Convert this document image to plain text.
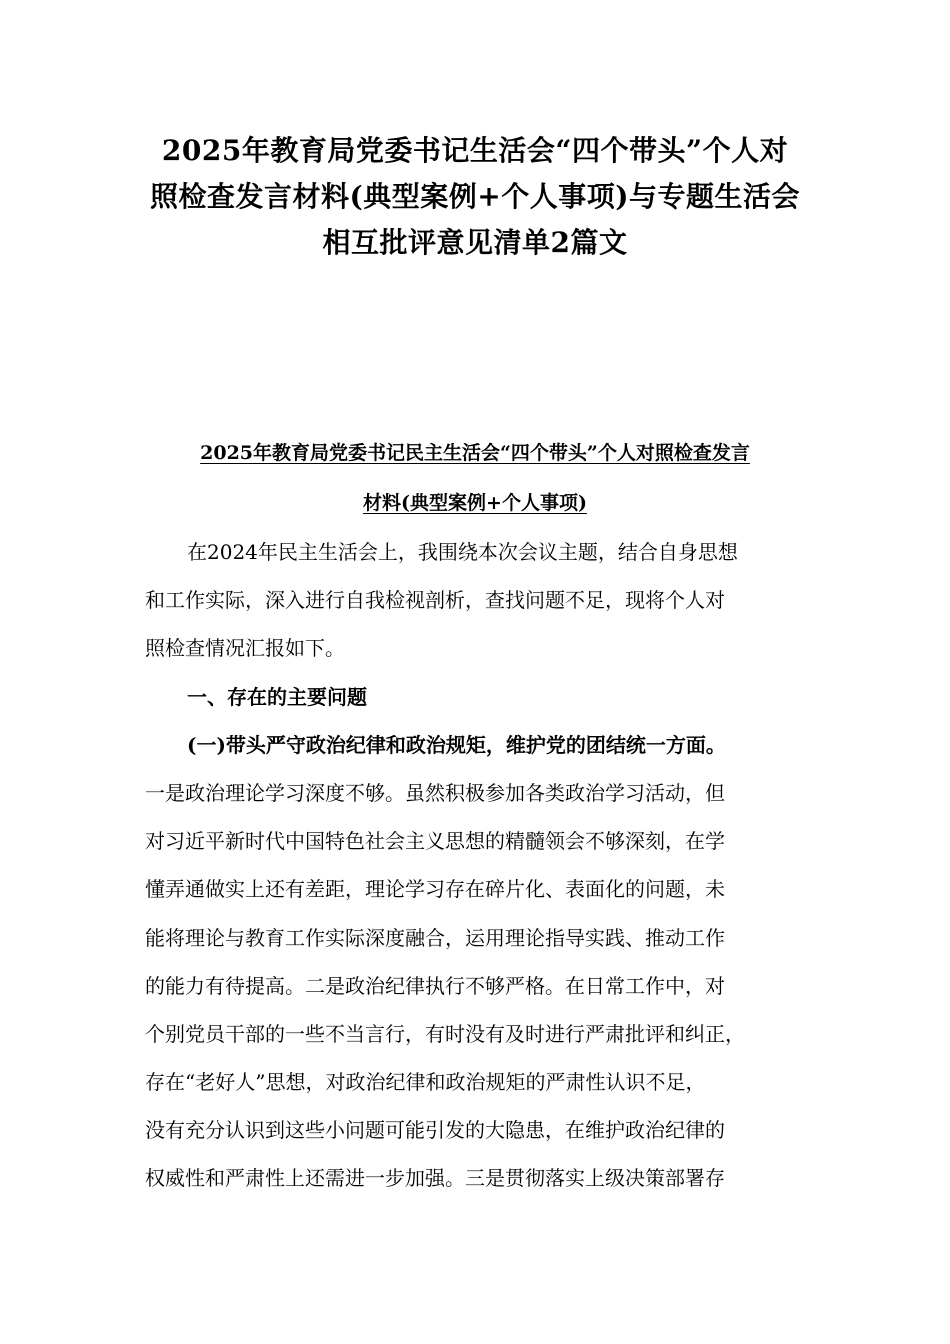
2025年教育局党委书记生活会“四个带头”个人对
照检查发言材料(典型案例+个人事项)与专题生活会
相互批评意见清单2篇文
2025年教育局党委书记民主生活会“四个带头”个人对照检查发言
材料(典型案例+个人事项)
在2024年民主生活会上，我围绕本次会议主题，结合自身思想
和工作实际，深入进行自我检视剖析，查找问题不足，现将个人对
照检查情况汇报如下。
一、存在的主要问题
(一)带头严守政治纪律和政治规矩，维护党的团结统一方面。
一是政治理论学习深度不够。虽然积极参加各类政治学习活动，但
对习近平新时代中国特色社会主义思想的精髓领会不够深刻，在学
懂弄通做实上还有差距，理论学习存在碎片化、表面化的问题，未
能将理论与教育工作实际深度融合，运用理论指导实践、推动工作
的能力有待提高。二是政治纪律执行不够严格。在日常工作中，对
个别党员干部的一些不当言行，有时没有及时进行严肃批评和纠正，
存在“老好人”思想，对政治纪律和政治规矩的严肃性认识不足，
没有充分认识到这些小问题可能引发的大隐患，在维护政治纪律的
权威性和严肃性上还需进一步加强。三是贯彻落实上级决策部署存
